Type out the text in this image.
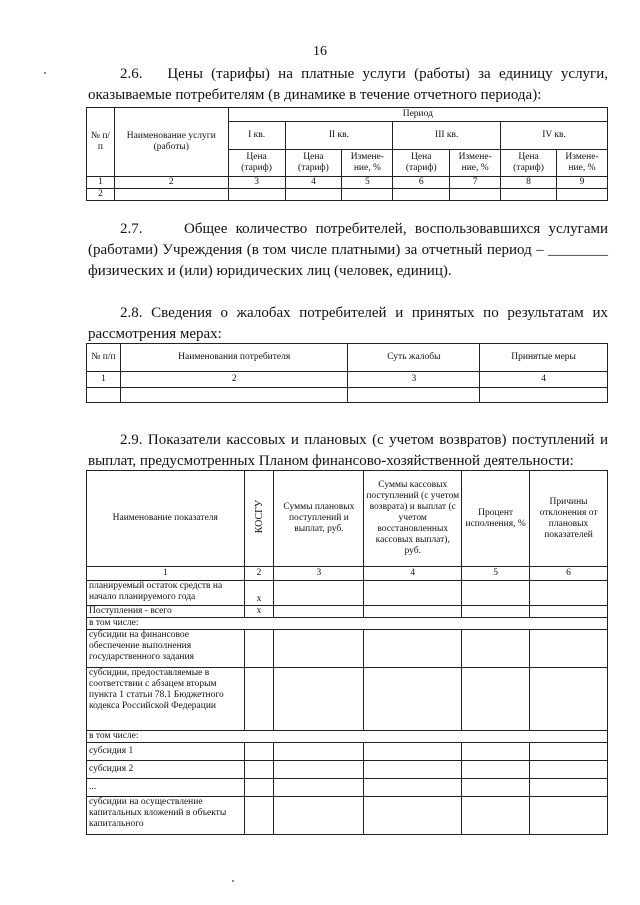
16
2.6.   Цены (тарифы) на платные услуги (работы) за единицу услуги, оказываемые потребителям (в динамике в течение отчетного периода):
№ п/п	Наименование услуги (работы)	Период						
		I кв.	II кв.		III кв.		IV кв.	
		Цена (тариф)	Цена (тариф)	Измене- ние, %	Цена (тариф)	Измене- ние, %	Цена (тариф)	Измене- ние, %
1	2	3	4	5	6	7	8	9
2								
2.7.     Общее количество потребителей, воспользовавшихся услугами (работами) Учреждения (в том числе платными) за отчетный период – ________ физических и (или) юридических лиц (человек, единиц).
2.8. Сведения о жалобах потребителей и принятых по результатам их рассмотрения мерах:
№ п/п	Наименования потребителя	Суть жалобы	Принятые меры
1	2	3	4

2.9. Показатели кассовых и плановых (с учетом возвратов) поступлений и выплат, предусмотренных Планом финансово-хозяйственной деятельности:
Наименование показателя	КОСГУ	Суммы плановых поступлений и выплат, руб.	Суммы кассовых поступлений (с учетом возврата) и выплат (с учетом восстановленных кассовых выплат), руб.	Процент исполнения, %	Причины отклонения от плановых показателей
1	2	3	4	5	6
планируемый остаток средств на начало планируемого года	x				
Поступления - всего	x				
в том числе:					
субсидии на финансовое обеспечение выполнения государственного задания					
субсидии, предоставляемые в соответствии с абзацем вторым пункта 1 статьи 78.1 Бюджетного кодекса Российской Федерации					
в том числе:					
субсидия 1					
субсидия 2					
...					
субсидии на осуществление капитальных вложений в объекты капитального					
